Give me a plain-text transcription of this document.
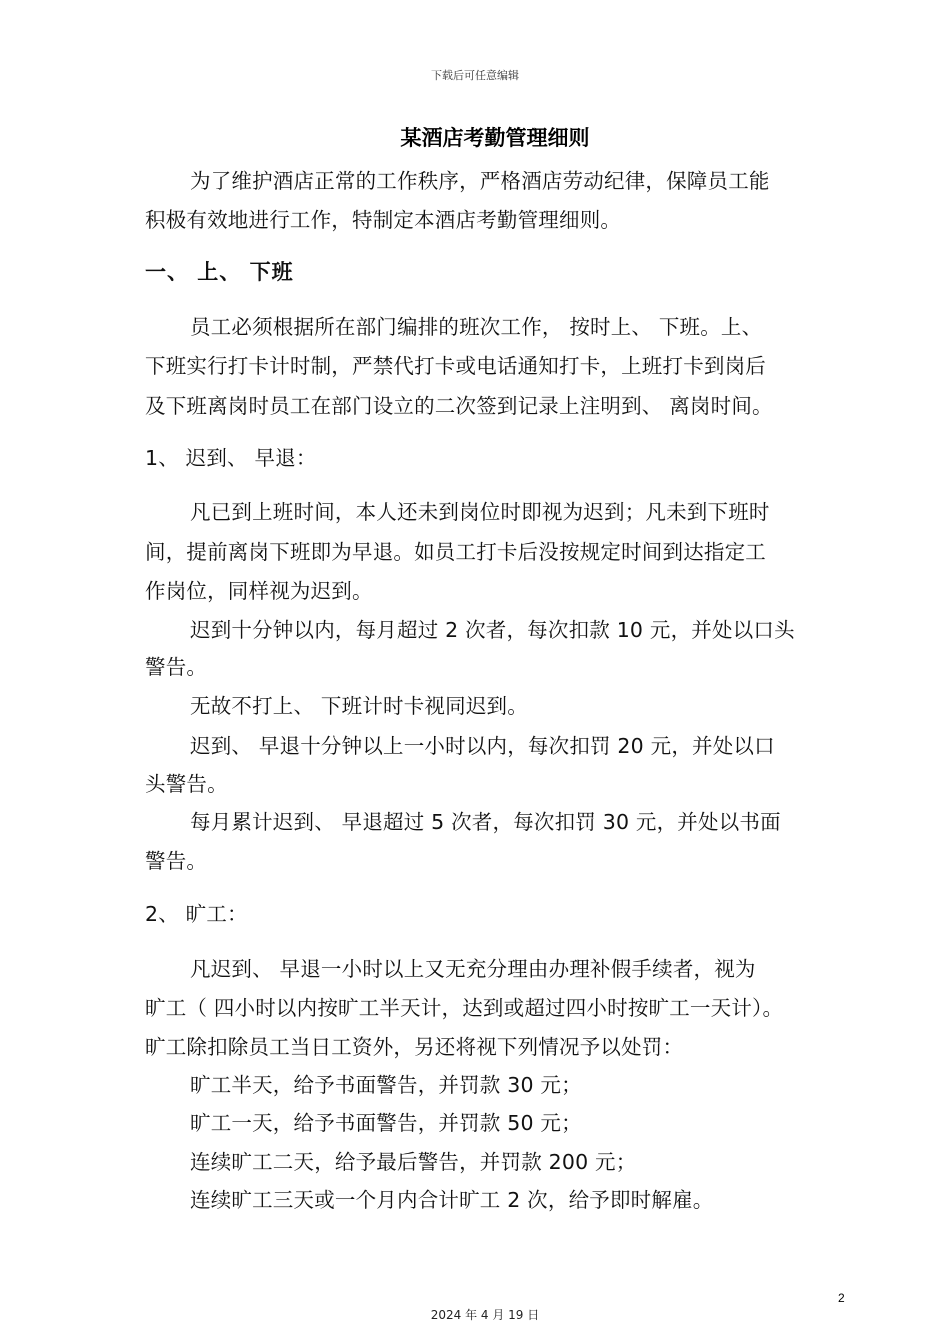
下载后可任意编辑
某酒店考勤管理细则
为了维护酒店正常的工作秩序，严格酒店劳动纪律，保障员工能
积极有效地进行工作，特制定本酒店考勤管理细则。
一、 上、 下班
员工必须根据所在部门编排的班次工作， 按时上、 下班。上、
下班实行打卡计时制，严禁代打卡或电话通知打卡，上班打卡到岗后
及下班离岗时员工在部门设立的二次签到记录上注明到、 离岗时间。
1、 迟到、 早退：
凡已到上班时间，本人还未到岗位时即视为迟到；凡未到下班时
间，提前离岗下班即为早退。如员工打卡后没按规定时间到达指定工
作岗位，同样视为迟到。
迟到十分钟以内，每月超过 2 次者，每次扣款 10 元，并处以口头
警告。
无故不打上、 下班计时卡视同迟到。
迟到、 早退十分钟以上一小时以内，每次扣罚 20 元，并处以口
头警告。
每月累计迟到、 早退超过 5 次者，每次扣罚 30 元，并处以书面
警告。
2、 旷工：
凡迟到、 早退一小时以上又无充分理由办理补假手续者，视为
旷工（ 四小时以内按旷工半天计，达到或超过四小时按旷工一天计）。
旷工除扣除员工当日工资外，另还将视下列情况予以处罚：
旷工半天，给予书面警告，并罚款 30 元；
旷工一天，给予书面警告，并罚款 50 元；
连续旷工二天，给予最后警告，并罚款 200 元；
连续旷工三天或一个月内合计旷工 2 次，给予即时解雇。
2
2024 年 4 月 19 日
